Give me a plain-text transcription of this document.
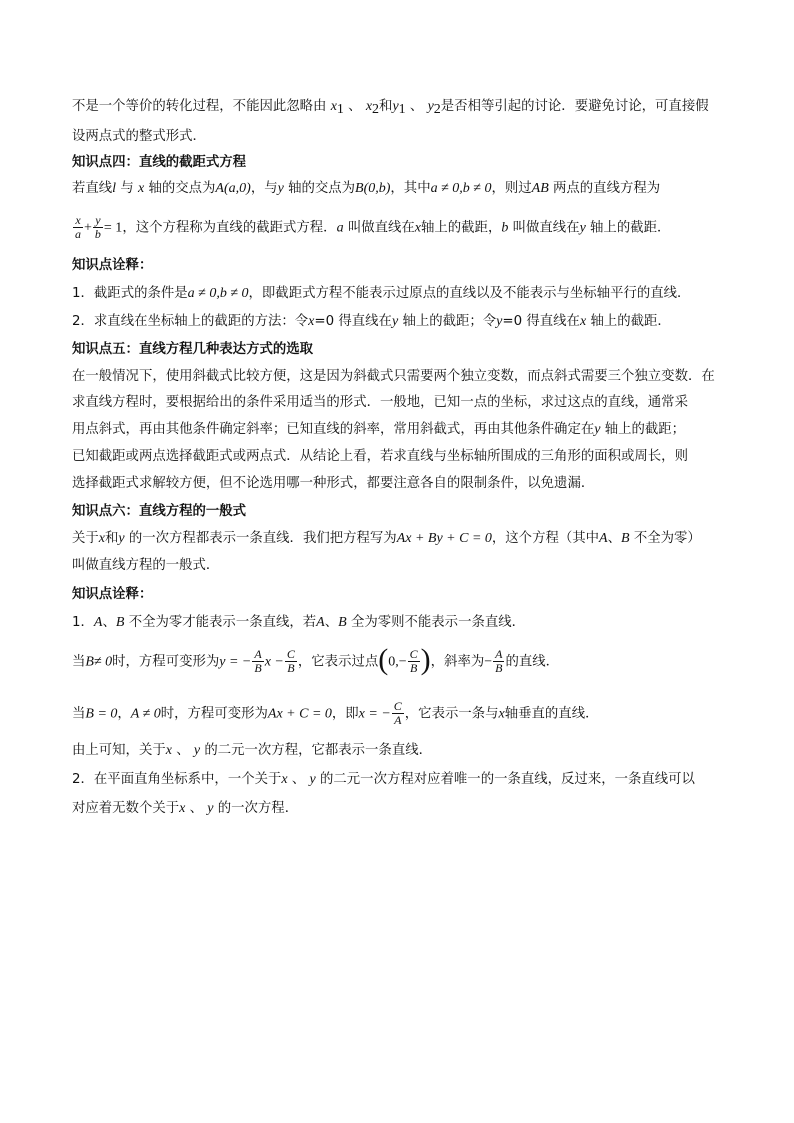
不是一个等价的转化过程，不能因此忽略由 $x_1$ 、 $x_2$和$y_1$ 、 $y_2$是否相等引起的讨论．要避免讨论，可直接假
设两点式的整式形式．
知识点四：直线的截距式方程
若直线l 与 x 轴的交点为A(a,0)，与y 轴的交点为B(0,b)，其中a ≠ 0,b ≠ 0，则过AB 两点的直线方程为
$\frac{x}{a} + \frac{y}{b} = 1$，这个方程称为直线的截距式方程．a 叫做直线在x轴上的截距，b 叫做直线在y 轴上的截距．
知识点诠释：
1．截距式的条件是a ≠ 0,b ≠ 0，即截距式方程不能表示过原点的直线以及不能表示与坐标轴平行的直线．
2．求直线在坐标轴上的截距的方法：令x=0 得直线在y 轴上的截距；令y=0 得直线在x 轴上的截距．
知识点五：直线方程几种表达方式的选取
在一般情况下，使用斜截式比较方便，这是因为斜截式只需要两个独立变数，而点斜式需要三个独立变数．在
求直线方程时，要根据给出的条件采用适当的形式．一般地，已知一点的坐标，求过这点的直线，通常采
用点斜式，再由其他条件确定斜率；已知直线的斜率，常用斜截式，再由其他条件确定在y 轴上的截距；
已知截距或两点选择截距式或两点式．从结论上看，若求直线与坐标轴所围成的三角形的面积或周长，则
选择截距式求解较方便，但不论选用哪一种形式，都要注意各自的限制条件，以免遗漏．
知识点六：直线方程的一般式
关于x和y 的一次方程都表示一条直线．我们把方程写为Ax + By + C = 0，这个方程（其中A、B 不全为零）
叫做直线方程的一般式．
知识点诠释：
1．A、B 不全为零才能表示一条直线，若A、B 全为零则不能表示一条直线．
当B≠ 0时，方程可变形为y = − $\frac{A}{B}$ $x - \frac{C}{B}$ ，它表示过点($0,- \frac{C}{B}$ )，斜率为− $\frac{A}{B}$ 的直线．
当B = 0，A ≠ 0时，方程可变形为Ax + C = 0，即x = − $\frac{C}{A}$ ，它表示一条与x轴垂直的直线．
由上可知，关于x 、 y 的二元一次方程，它都表示一条直线．
2．在平面直角坐标系中，一个关于x 、 y 的二元一次方程对应着唯一的一条直线，反过来，一条直线可以
对应着无数个关于x 、 y 的一次方程．
